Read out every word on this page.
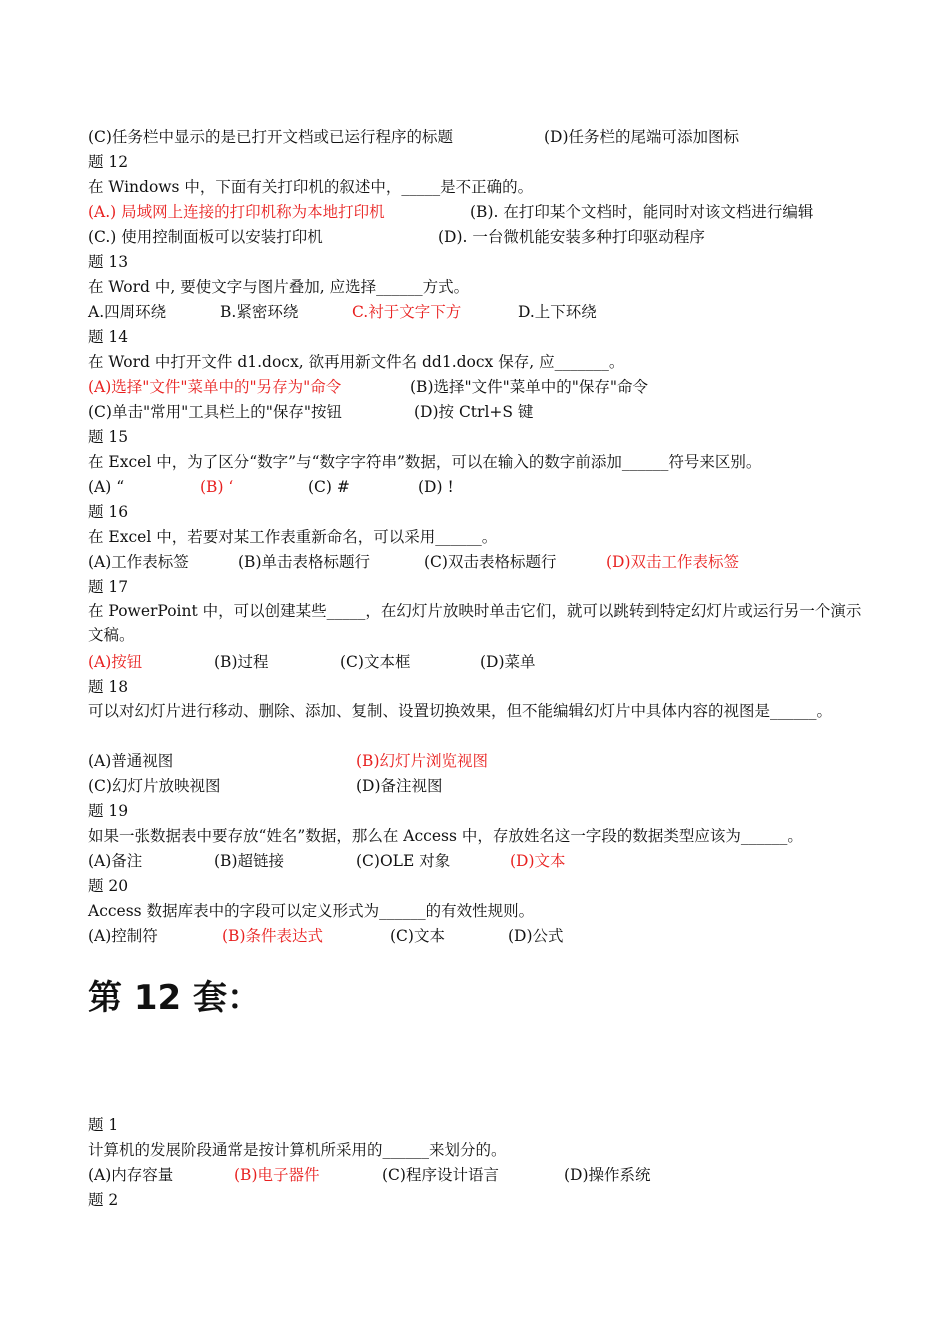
(C)任务栏中显示的是已打开文档或已运行程序的标题	(D)任务栏的尾端可添加图标
题 12
在 Windows 中，下面有关打印机的叙述中，_____是不正确的。
(A.) 局域网上连接的打印机称为本地打印机	(B). 在打印某个文档时，能同时对该文档进行编辑
(C.) 使用控制面板可以安装打印机	(D). 一台微机能安装多种打印驱动程序
题 13
在 Word 中, 要使文字与图片叠加, 应选择______方式。
A.四周环绕	B.紧密环绕	C.衬于文字下方	D.上下环绕
题 14
在 Word 中打开文件 d1.docx, 欲再用新文件名 dd1.docx 保存, 应_______。
(A)选择"文件"菜单中的"另存为"命令	(B)选择"文件"菜单中的"保存"命令
(C)单击"常用"工具栏上的"保存"按钮	(D)按 Ctrl+S 键
题 15
在 Excel 中，为了区分“数字”与“数字字符串”数据，可以在输入的数字前添加______符号来区别。
(A) “	(B) ‘	(C) #	(D) !
题 16
在 Excel 中，若要对某工作表重新命名，可以采用______。
(A)工作表标签	(B)单击表格标题行	(C)双击表格标题行	(D)双击工作表标签
题 17
在 PowerPoint 中，可以创建某些_____，在幻灯片放映时单击它们，就可以跳转到特定幻灯片或运行另一个演示文稿。
(A)按钮	(B)过程	(C)文本框	(D)菜单
题 18
可以对幻灯片进行移动、删除、添加、复制、设置切换效果，但不能编辑幻灯片中具体内容的视图是______。
(A)普通视图	(B)幻灯片浏览视图
(C)幻灯片放映视图	(D)备注视图
题 19
如果一张数据表中要存放“姓名”数据，那么在 Access 中，存放姓名这一字段的数据类型应该为______。
(A)备注	(B)超链接	(C)OLE 对象	(D)文本
题 20
Access 数据库表中的字段可以定义形式为______的有效性规则。
(A)控制符	(B)条件表达式	(C)文本	(D)公式
第 12 套：
题 1
计算机的发展阶段通常是按计算机所采用的______来划分的。
(A)内存容量	(B)电子器件	(C)程序设计语言	(D)操作系统
题 2
